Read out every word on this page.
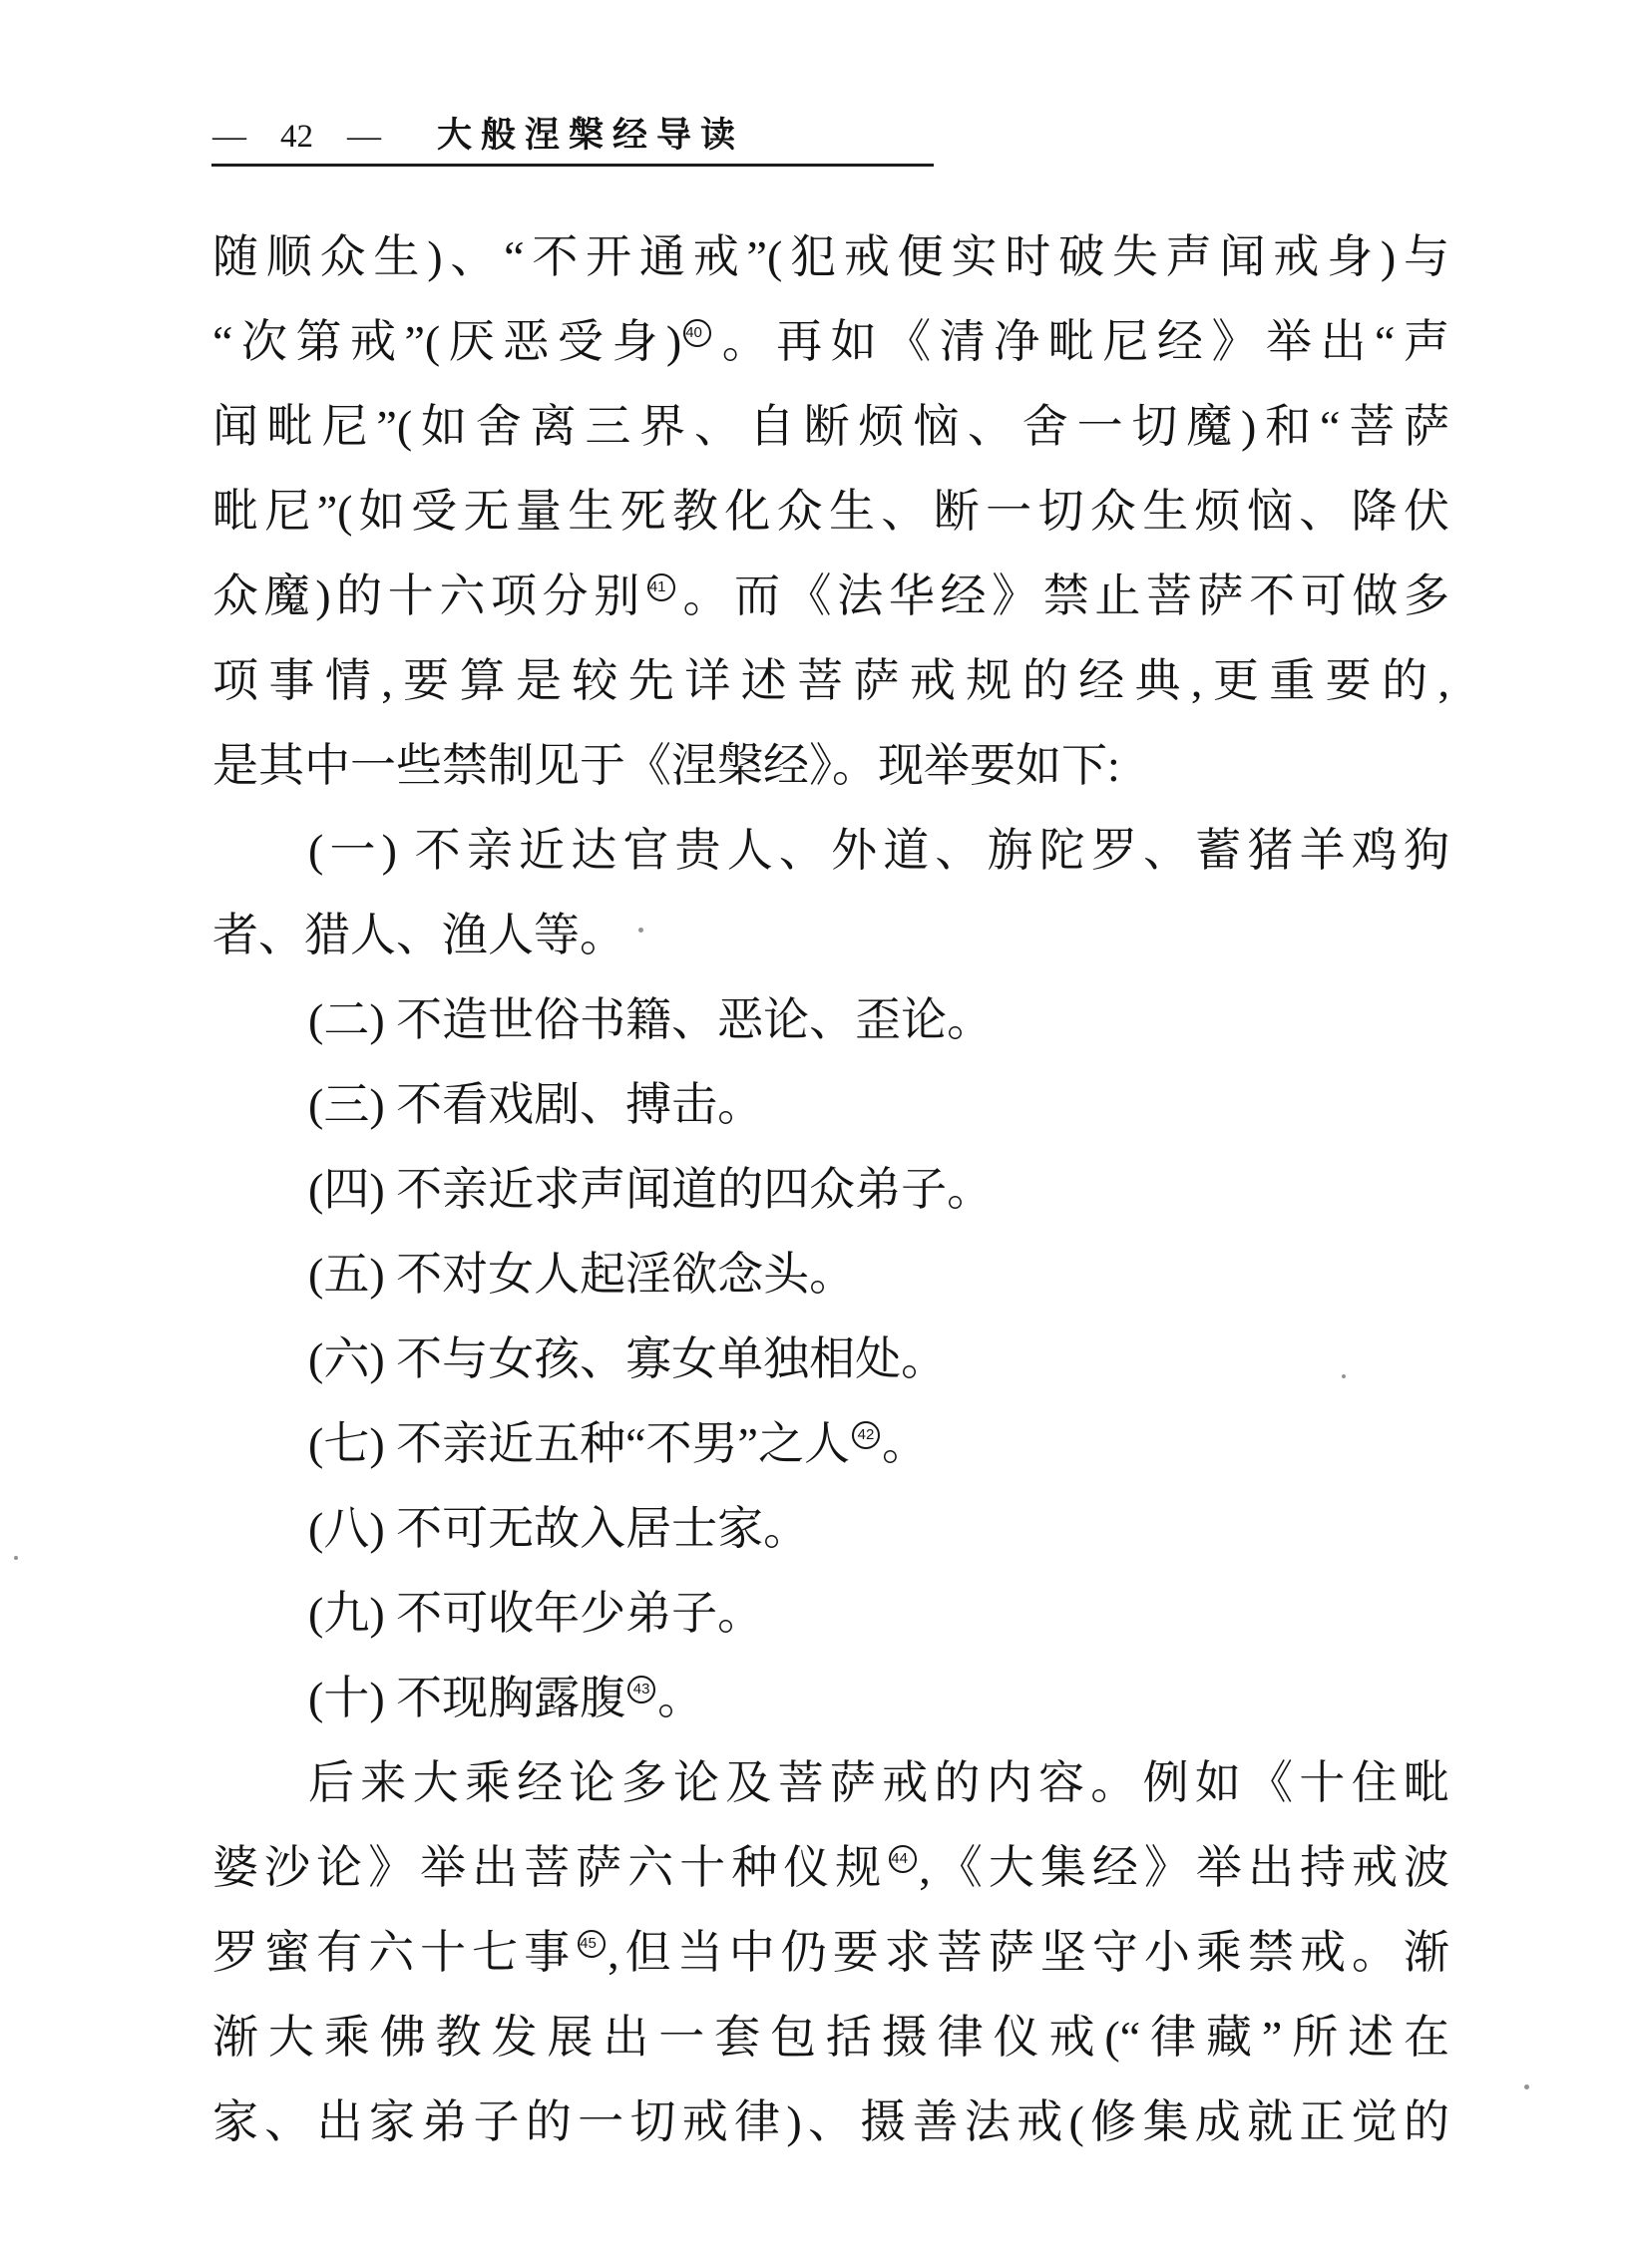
— 42 — 大般涅槃经导读
随顺众生)、“不开通戒”(犯戒便实时破失声闻戒身)与
“次第戒”(厌恶受身) 40 。再如《清净毗尼经》举出“声
闻毗尼”(如舍离三界、自断烦恼、舍一切魔)和“菩萨
毗尼”(如受无量生死教化众生、断一切众生烦恼、降伏
众魔)的十六项分别 41 。而《法华经》禁止菩萨不可做多
项事情,要算是较先详述菩萨戒规的经典,更重要的,
是其中一些禁制见于《涅槃经》。现举要如下:
(一) 不亲近达官贵人、外道、旃陀罗、蓄猪羊鸡狗
者、猎人、渔人等。
(二) 不造世俗书籍、恶论、歪论。
(三) 不看戏剧、搏击。
(四) 不亲近求声闻道的四众弟子。
(五) 不对女人起淫欲念头。
(六) 不与女孩、寡女单独相处。
(七) 不亲近五种“不男”之人 42 。
(八) 不可无故入居士家。
(九) 不可收年少弟子。
(十) 不现胸露腹 43 。
后来大乘经论多论及菩萨戒的内容。例如《十住毗
婆沙论》举出菩萨六十种仪规 44 ,《大集经》举出持戒波
罗蜜有六十七事 45 ,但当中仍要求菩萨坚守小乘禁戒。渐
渐大乘佛教发展出一套包括摄律仪戒(“律藏”所述在
家、出家弟子的一切戒律)、摄善法戒(修集成就正觉的
